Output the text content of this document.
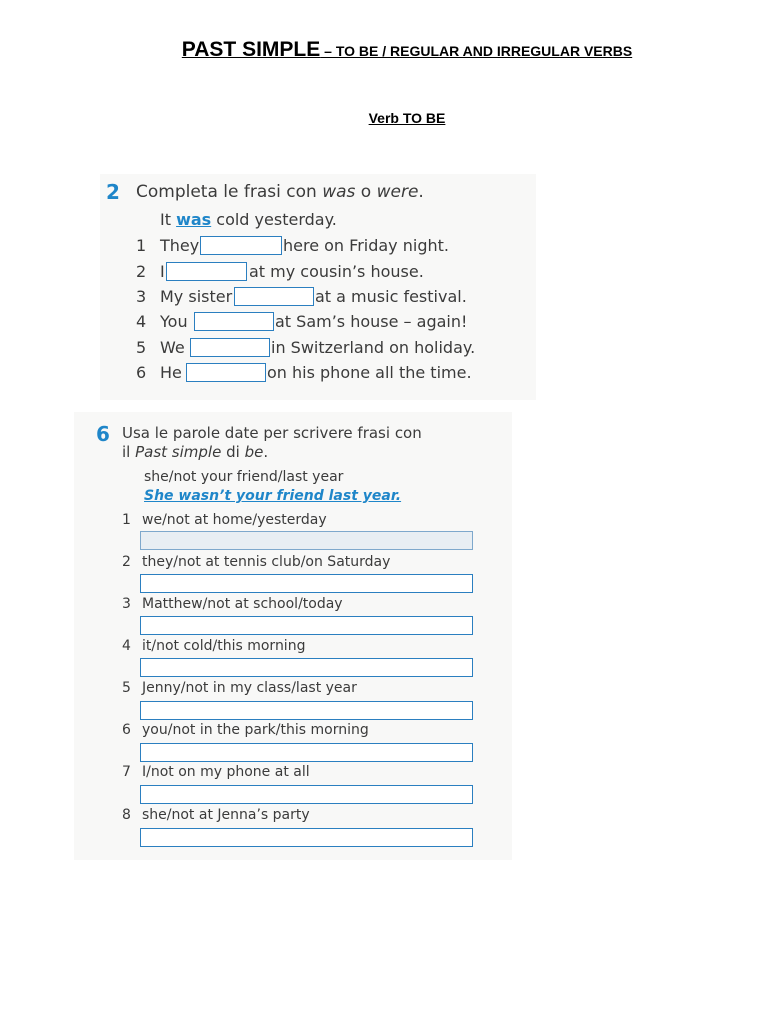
PAST SIMPLE – TO BE / REGULAR AND IRREGULAR VERBS
Verb TO BE
2 Completa le frasi con was o were.
It was cold yesterday.
1 They	here on Friday night.
2 I	at my cousin’s house.
3 My sister	at a music festival.
4 You	at Sam’s house – again!
5 We	in Switzerland on holiday.
6 He	on his phone all the time.
6 Usa le parole date per scrivere frasi con
il Past simple di be.
she/not your friend/last year
She wasn’t your friend last year.
1 we/not at home/yesterday
2 they/not at tennis club/on Saturday
3 Matthew/not at school/today
4 it/not cold/this morning
5 Jenny/not in my class/last year
6 you/not in the park/this morning
7 I/not on my phone at all
8 she/not at Jenna’s party
